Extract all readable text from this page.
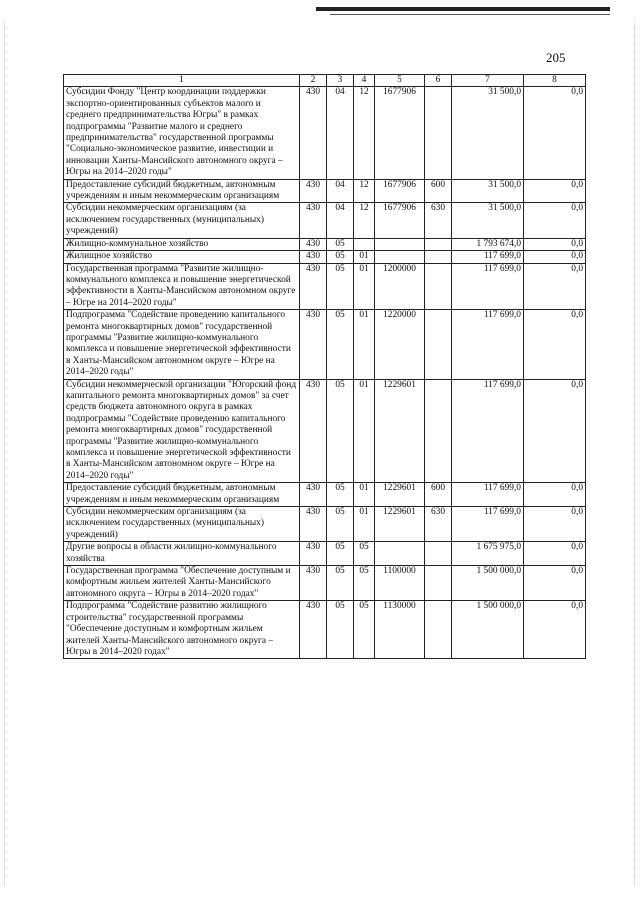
205
1	2	3	4	5	6	7	8
Субсидии Фонду "Центр координации поддержки экспортно-ориентированных субъектов малого и среднего предпринимательства Югры" в рамках подпрограммы "Развитие малого и среднего предпринимательства" государственной программы "Социально-экономическое развитие, инвестиции и инновации Ханты-Мансийского автономного округа – Югры на 2014–2020 годы"	430	04	12	1677906		31 500,0	0,0
Предоставление субсидий бюджетным, автономным учреждениям и иным некоммерческим организациям	430	04	12	1677906	600	31 500,0	0,0
Субсидии некоммерческим организациям (за исключением государственных (муниципальных) учреждений)	430	04	12	1677906	630	31 500,0	0,0
Жилищно-коммунальное хозяйство	430	05				1 793 674,0	0,0
Жилищное хозяйство	430	05	01			117 699,0	0,0
Государственная программа "Развитие жилищно-коммунального комплекса и повышение энергетической эффективности в Ханты-Мансийском автономном округе – Югре на 2014–2020 годы"	430	05	01	1200000		117 699,0	0,0
Подпрограмма "Содействие проведению капитального ремонта многоквартирных домов" государственной программы "Развитие жилищно-коммунального комплекса и повышение энергетической эффективности в Ханты-Мансийском автономном округе – Югре на 2014–2020 годы"	430	05	01	1220000		117 699,0	0,0
Субсидии некоммерческой организации "Югорский фонд капитального ремонта многоквартирных домов" за счет средств бюджета автономного округа в рамках подпрограммы "Содействие проведению капитального ремонта многоквартирных домов" государственной программы "Развитие жилищно-коммунального комплекса и повышение энергетической эффективности в Ханты-Мансийском автономном округе – Югре на 2014–2020 годы"	430	05	01	1229601		117 699,0	0,0
Предоставление субсидий бюджетным, автономным учреждениям и иным некоммерческим организациям	430	05	01	1229601	600	117 699,0	0,0
Субсидии некоммерческим организациям (за исключением государственных (муниципальных) учреждений)	430	05	01	1229601	630	117 699,0	0,0
Другие вопросы в области жилищно-коммунального хозяйства	430	05	05			1 675 975,0	0,0
Государственная программа "Обеспечение доступным и комфортным жильем жителей Ханты-Мансийского автономного округа – Югры в 2014–2020 годах"	430	05	05	1100000		1 500 000,0	0,0
Подпрограмма "Содействие развитию жилищного строительства" государственной программы "Обеспечение доступным и комфортным жильем жителей Ханты-Мансийского автономного округа – Югры в 2014–2020 годах"	430	05	05	1130000		1 500 000,0	0,0
